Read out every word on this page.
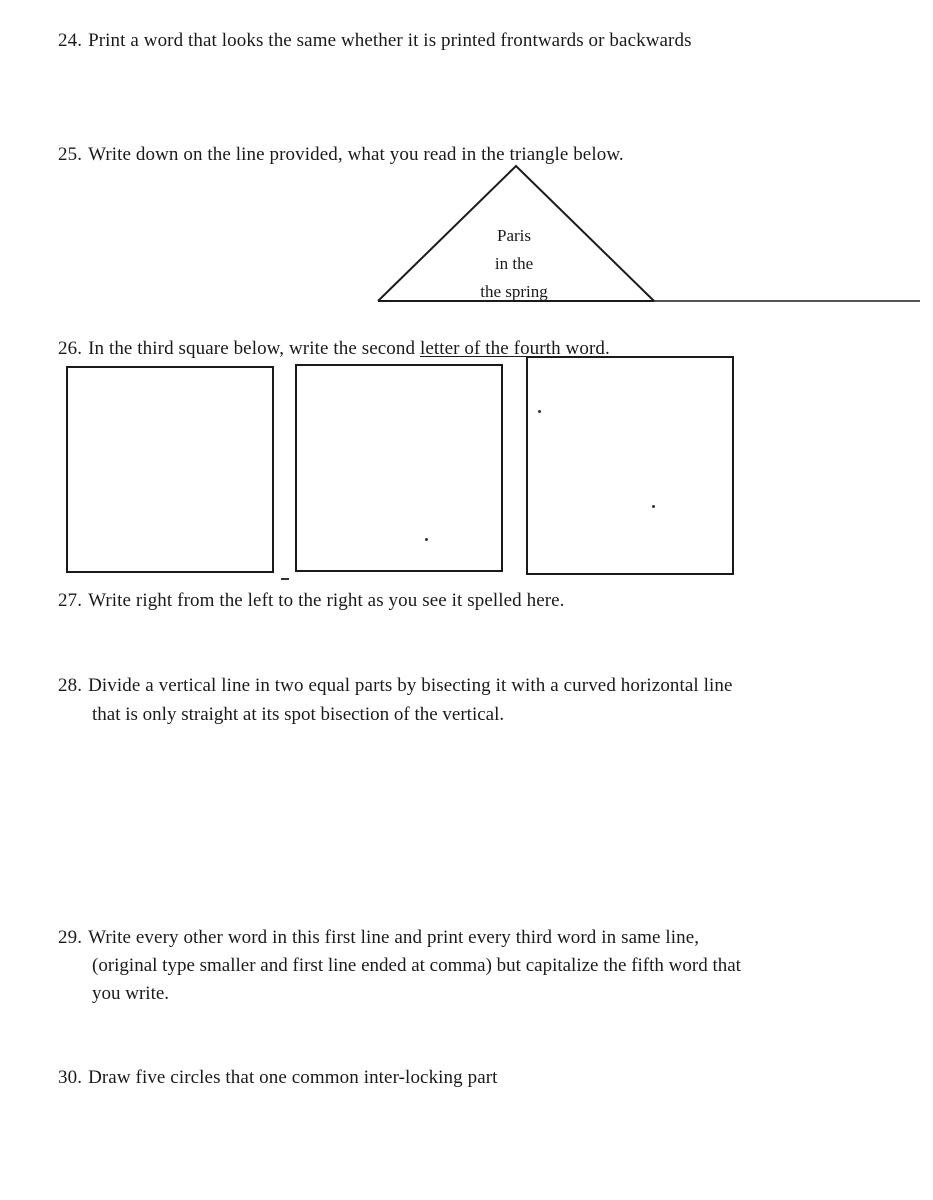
24. Print a word that looks the same whether it is printed frontwards or backwards
25. Write down on the line provided, what you read in the triangle below.
Paris
in the
the spring
26. In the third square below, write the second letter of the fourth word.
27. Write right from the left to the right as you see it spelled here.
28. Divide a vertical line in two equal parts by bisecting it with a curved horizontal line
that is only straight at its spot bisection of the vertical.
29. Write every other word in this first line and print every third word in same line,
(original type smaller and first line ended at comma) but capitalize the fifth word that
you write.
30. Draw five circles that one common inter-locking part
